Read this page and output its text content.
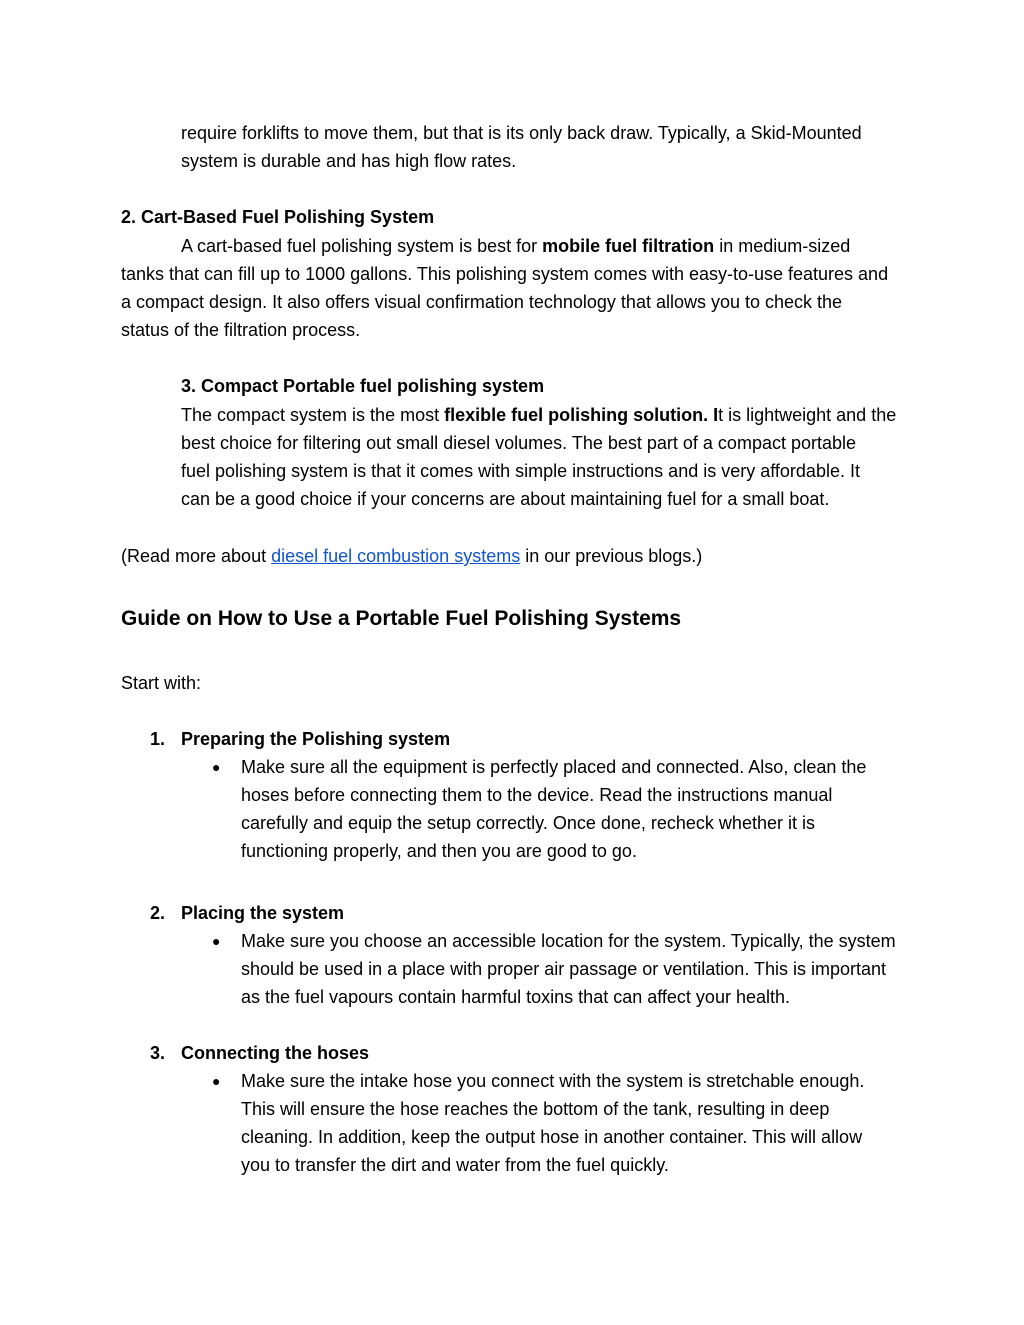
require forklifts to move them, but that is its only back draw. Typically, a Skid-Mounted
system is durable and has high flow rates.
2. Cart-Based Fuel Polishing System
A cart-based fuel polishing system is best for mobile fuel filtration in medium-sized
tanks that can fill up to 1000 gallons. This polishing system comes with easy-to-use features and
a compact design. It also offers visual confirmation technology that allows you to check the
status of the filtration process.
3. Compact Portable fuel polishing system
The compact system is the most flexible fuel polishing solution. It is lightweight and the
best choice for filtering out small diesel volumes. The best part of a compact portable
fuel polishing system is that it comes with simple instructions and is very affordable. It
can be a good choice if your concerns are about maintaining fuel for a small boat.
(Read more about diesel fuel combustion systems in our previous blogs.)
Guide on How to Use a Portable Fuel Polishing Systems
Start with:
1. Preparing the Polishing system
● Make sure all the equipment is perfectly placed and connected. Also, clean the
hoses before connecting them to the device. Read the instructions manual
carefully and equip the setup correctly. Once done, recheck whether it is
functioning properly, and then you are good to go.
2. Placing the system
● Make sure you choose an accessible location for the system. Typically, the system
should be used in a place with proper air passage or ventilation. This is important
as the fuel vapours contain harmful toxins that can affect your health.
3. Connecting the hoses
● Make sure the intake hose you connect with the system is stretchable enough.
This will ensure the hose reaches the bottom of the tank, resulting in deep
cleaning. In addition, keep the output hose in another container. This will allow
you to transfer the dirt and water from the fuel quickly.
